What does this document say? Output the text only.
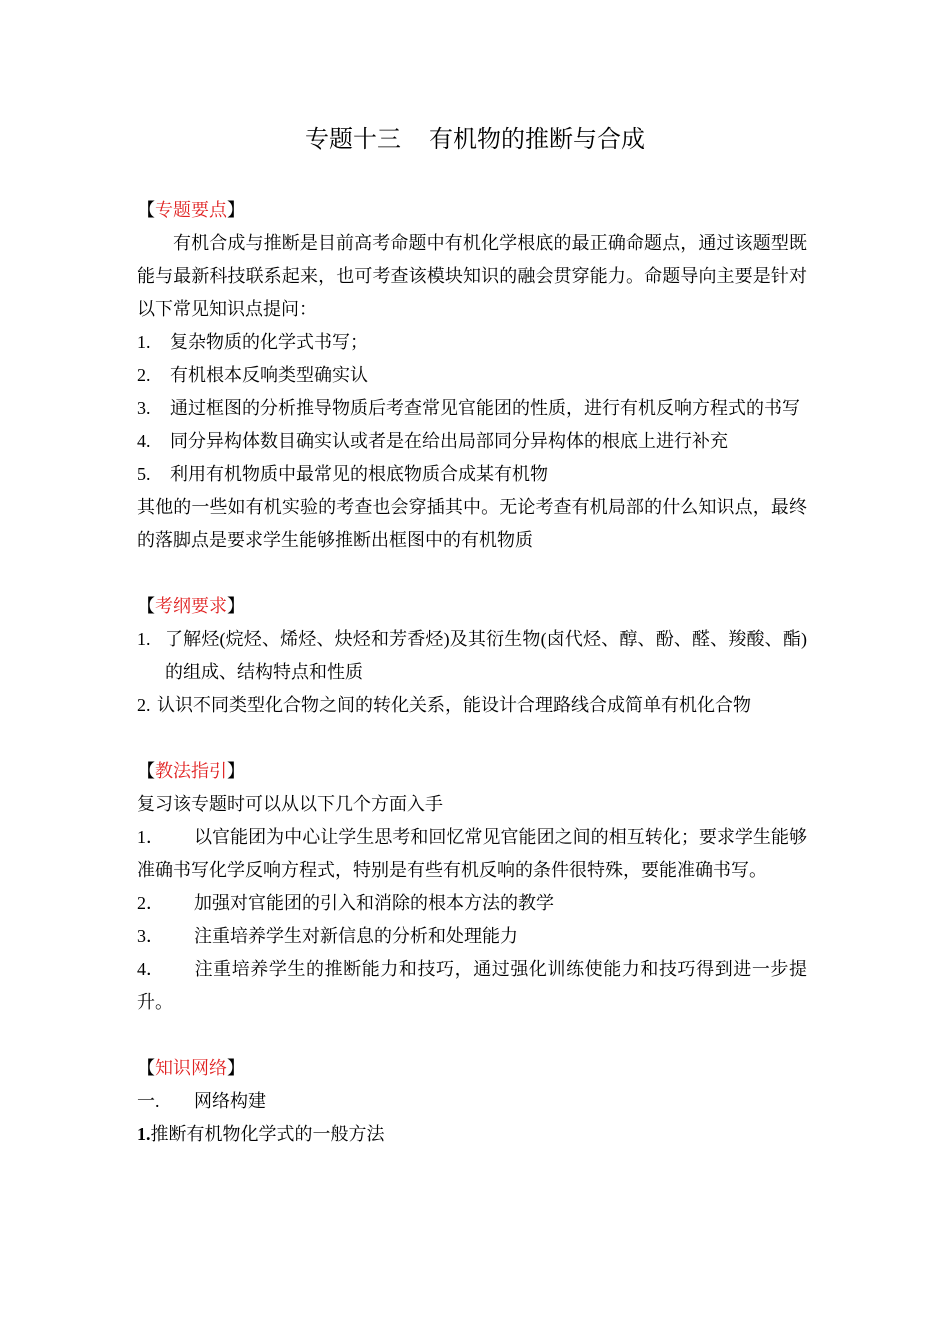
专题十三 有机物的推断与合成

【专题要点】

有机合成与推断是目前高考命题中有机化学根底的最正确命题点，通过该题型既能与最新科技联系起来，也可考查该模块知识的融会贯穿能力。命题导向主要是针对以下常见知识点提问：

1.	复杂物质的化学式书写；
2.	有机根本反响类型确实认
3.	通过框图的分析推导物质后考查常见官能团的性质，进行有机反响方程式的书写
4.	同分异构体数目确实认或者是在给出局部同分异构体的根底上进行补充
5.	利用有机物质中最常见的根底物质合成某有机物

其他的一些如有机实验的考查也会穿插其中。无论考查有机局部的什么知识点，最终的落脚点是要求学生能够推断出框图中的有机物质

【考纲要求】

1. 了解烃(烷烃、烯烃、炔烃和芳香烃)及其衍生物(卤代烃、醇、酚、醛、羧酸、酯)的组成、结构特点和性质
2. 认识不同类型化合物之间的转化关系，能设计合理路线合成简单有机化合物

【教法指引】

复习该专题时可以从以下几个方面入手

1． 以官能团为中心让学生思考和回忆常见官能团之间的相互转化；要求学生能够准确书写化学反响方程式，特别是有些有机反响的条件很特殊，要能准确书写。

2． 加强对官能团的引入和消除的根本方法的教学

3． 注重培养学生对新信息的分析和处理能力

4． 注重培养学生的推断能力和技巧，通过强化训练使能力和技巧得到进一步提升。

【知识网络】

一. 网络构建

1.推断有机物化学式的一般方法
